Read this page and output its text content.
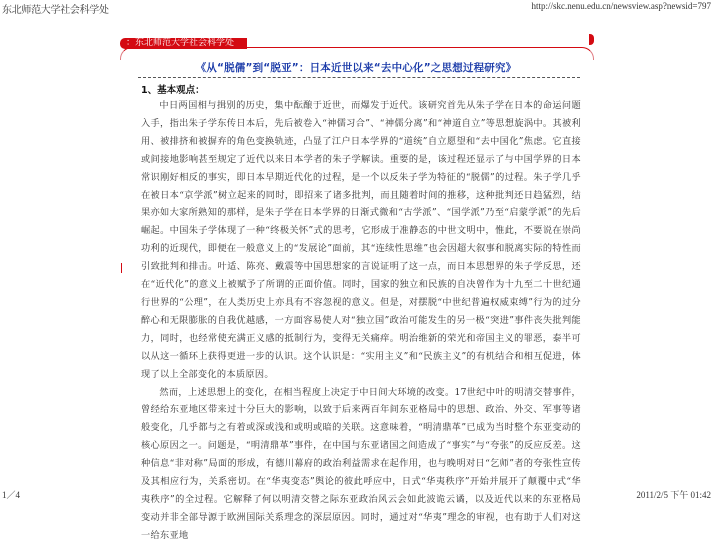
东北师范大学社会科学处	http://skc.nenu.edu.cn/newsview.asp?newsid=797
：东北师范大学社会科学处
《从“脱儒”到“脱亚”：日本近世以来“去中心化”之思想过程研究》
1、基本观点：

中日两国相与揖别的历史，集中酝酿于近世，而爆发于近代。该研究首先从朱子学在日本的命运问题入手，指出朱子学东传日本后，先后被卷入“神儒习合”、“神儒分离”和“神道自立”等思想旋涡中。其被利用、被排挤和被摒弃的角色变换轨迹，凸显了江户日本学界的“道统”自立愿望和“去中国化”焦虑。它直接或间接地影响甚至规定了近代以来日本学者的朱子学解读。重要的是，该过程还显示了与中国学界的日本常识刚好相反的事实，即日本早期近代化的过程，是一个以反朱子学为特征的“脱儒”的过程。朱子学几乎在被日本“京学派”树立起来的同时，即招来了诸多批判，而且随着时间的推移，这种批判还日趋猛烈，结果亦如大家所熟知的那样，是朱子学在日本学界的日渐式微和“古学派”、“国学派”乃至“启蒙学派”的先后崛起。中国朱子学体现了一种“终极关怀”式的思考，它形成于准静态的中世文明中，惟此，不要说在崇尚功利的近现代，即便在一般意义上的“发展论”面前，其“连续性思维”也会因超大叙事和脱离实际的特性而引致批判和排击。叶适、陈亮、戴震等中国思想家的言说证明了这一点，而日本思想界的朱子学反思，还在“近代化”的意义上被赋予了所谓的正面价值。同时，国家的独立和民族的自决曾作为十九至二十世纪通行世界的“公理”，在人类历史上亦具有不容忽视的意义。但是，对摆脱“中世纪普遍权威束缚”行为的过分醉心和无限膨胀的自我优越感，一方面容易使人对“独立国”政治可能发生的另一极“突进”事件丧失批判能力，同时，也经常使充满正义感的抵制行为，变得无关痛痒。明治维新的荣光和帝国主义的罪恶，泰半可以从这一循环上获得更进一步的认识。这个认识是：“实用主义”和“民族主义”的有机结合和相互促进，体现了以上全部变化的本质原因。

然而，上述思想上的变化，在相当程度上决定于中日间大环境的改变。17世纪中叶的明清交替事件，曾经给东亚地区带来过十分巨大的影响，以致于后来两百年间东亚格局中的思想、政治、外交、军事等诸般变化，几乎都与之有着或深或浅和或明或暗的关联。这意味着，“明清鼎革”已成为当时整个东亚变动的核心原因之一。问题是，“明清鼎革”事件，在中国与东亚诸国之间造成了“事实”与“夸张”的反应反差。这种信息“非对称”局面的形成，有德川幕府的政治利益需求在起作用，也与晚明对日“乞师”者的夸张性宣传及其相应行为，关系密切。在“华夷变态”舆论的彼此呼应中，日式“华夷秩序”开始并展开了颠覆中式“华夷秩序”的全过程。它解释了何以明清交替之际东亚政治风云会如此波诡云谲，以及近代以来的东亚格局变动并非全部导源于欧洲国际关系理念的深层原因。同时，通过对“华夷”理念的审视，也有助于人们对这一给东亚地

1／4	2011/2/5 下午 01:42
